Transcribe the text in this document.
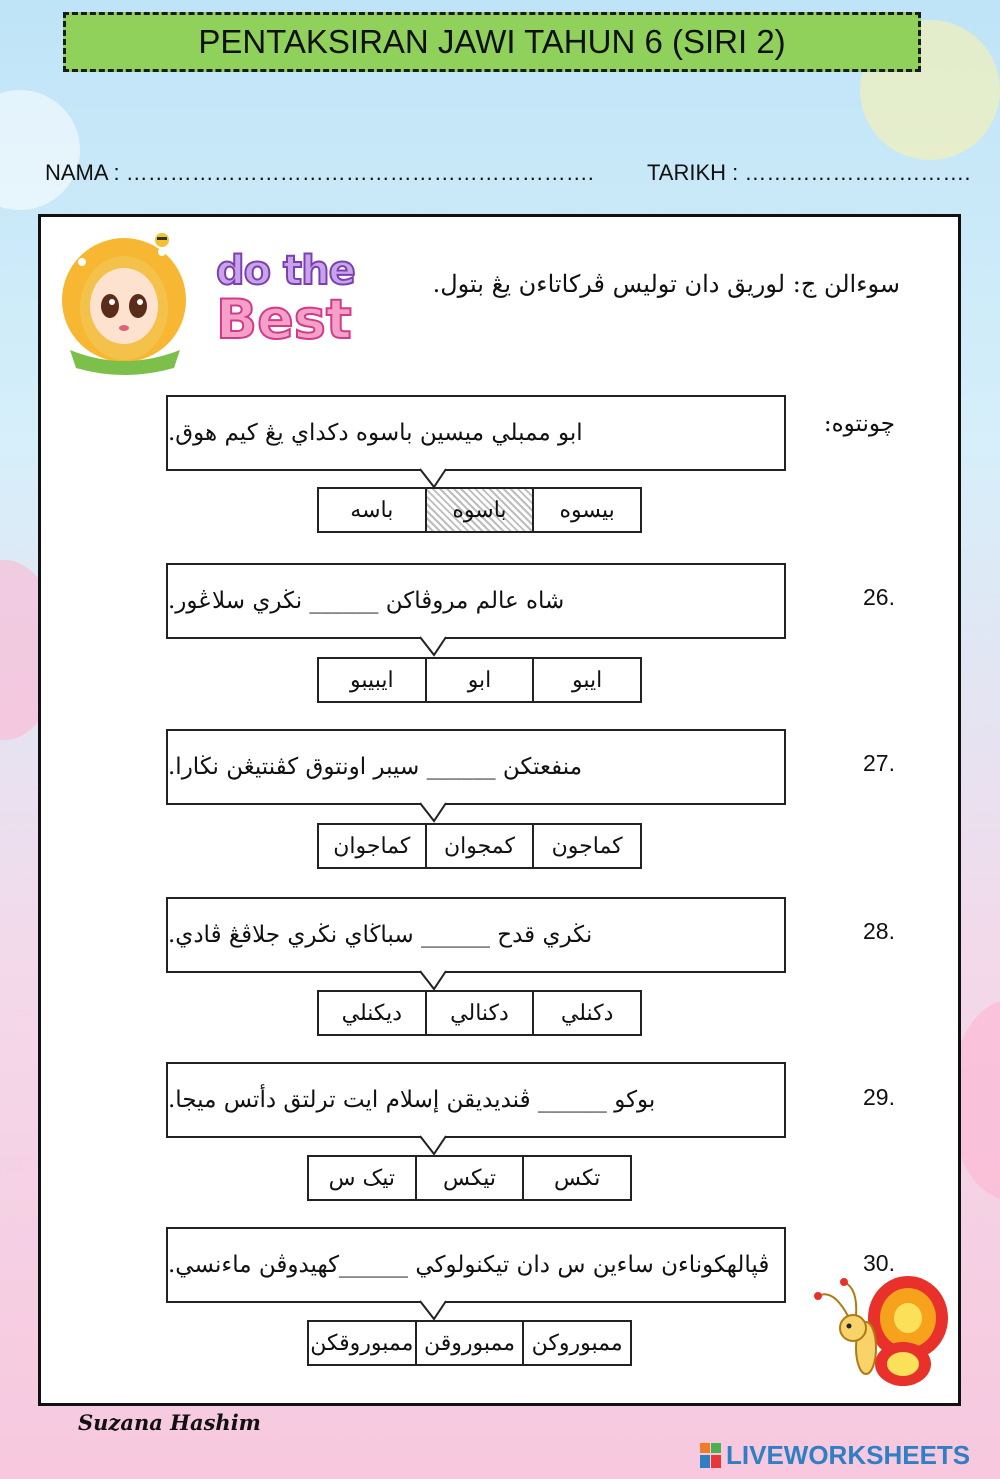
PENTAKSIRAN JAWI TAHUN 6 (SIRI 2)
NAMA : ………………………………………………………. TARIKH : ………………………….
do the
Best
سوءالن ج: لوريق دان توليس ڤركاتاءن يڠ بتول.
چونتوه:
ابو ممبلي ميسين باسوه دكداي يڠ كيم هوق.
بيسوه
باسوه
باسه
26.
شاه عالم مروڤاکن ______ نڬري سلاڠور.
ايبو
ابو
ايبيبو
27.
منفعتکن ______ سيبر اونتوق كڤنتيڠن نڬارا.
کماجون
کمجوان
کماجوان
28.
نڬري قدح ______ سباڬاي نڬري جلاڤڠ ڤادي.
دكنلي
دكنالي
ديكنلي
29.
بوكو ______ ڤنديديقن إسلام ايت ترلتق دأتس ميجا.
تكس
تيكس
تيک س
30.
ڤپالهکوناءن ساءين س دان تيكنولوكي ______كهيدوڤن ماءنسي.
ممبوروکن
ممبوروقن
ممبوروقکن
Suzana Hashim
LIVEWORKSHEETS
